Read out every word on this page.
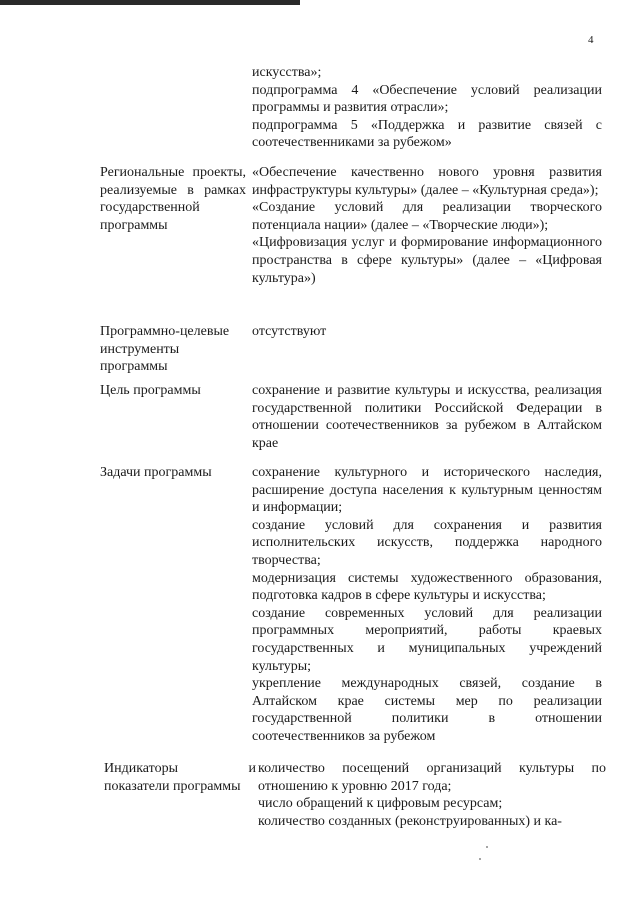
4

искусства»;

подпрограмма 4 «Обеспечение условий реализации программы и развития отрасли»;

подпрограмма 5 «Поддержка и развитие связей с соотечественниками за рубежом»

Региональные проекты, реализуемые в рамках государственной программы

«Обеспечение качественно нового уровня развития инфраструктуры культуры» (далее – «Культурная среда»);

«Создание условий для реализации творческого потенциала нации» (далее – «Творческие люди»);

«Цифровизация услуг и формирование информационного пространства в сфере культуры» (далее – «Цифровая культура»)

Программно-целевые инструменты программы

отсутствуют

Цель программы	сохранение и развитие культуры и искусства, реализация государственной политики Российской Федерации в отношении соотечественников за рубежом в Алтайском крае

Задачи программы	сохранение культурного и исторического наследия, расширение доступа населения к культурным ценностям и информации;

создание условий для сохранения и развития исполнительских искусств, поддержка народного творчества;

модернизация системы художественного образования, подготовка кадров в сфере культуры и искусства;

создание современных условий для реализации программных мероприятий, работы краевых государственных и муниципальных учреждений культуры;

укрепление международных связей, создание в Алтайском крае системы мер по реализации государственной политики в отношении соотечественников за рубежом

Индикаторы и показатели программы

количество посещений организаций культуры по отношению к уровню 2017 года;

число обращений к цифровым ресурсам;

количество созданных (реконструированных) и ка-
